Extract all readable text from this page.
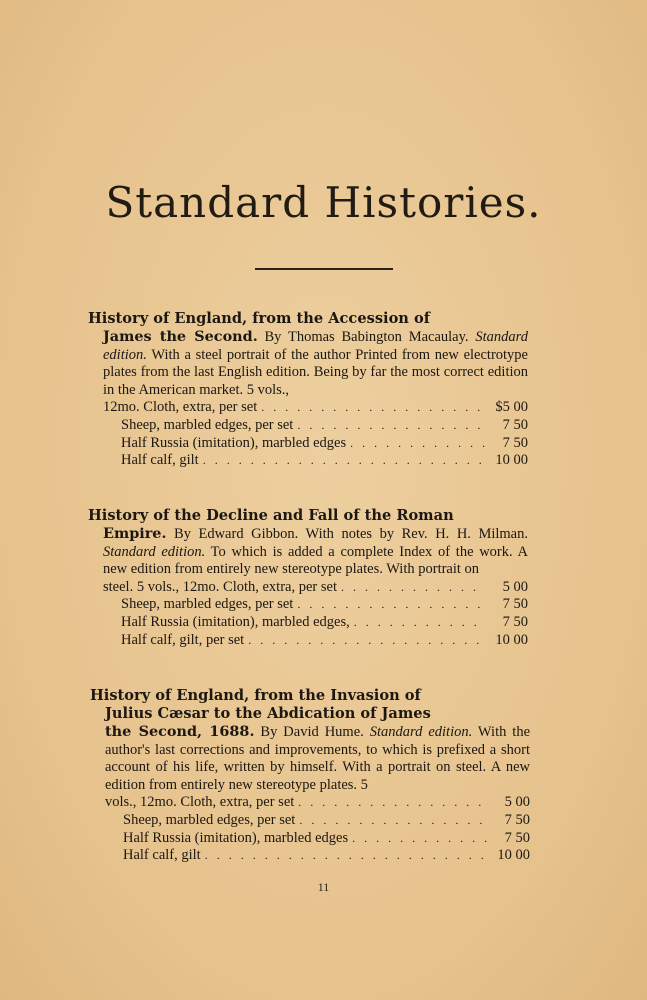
Standard Histories.

History of England, from the Accession of

James the Second. By Thomas Babington Macaulay. Standard edition. With a steel portrait of the author Printed from new electrotype plates from the last English edition. Being by far the most correct edition in the American market. 5 vols.,

12mo. Cloth, extra, per set . . .	$5 00
Sheep, marbled edges, per set . . .	7 50
Half Russia (imitation), marbled edges . . .	7 50
Half calf, gilt . . .	10 00

History of the Decline and Fall of the Roman

Empire. By Edward Gibbon. With notes by Rev. H. H. Milman. Standard edition. To which is added a complete Index of the work. A new edition from entirely new stereotype plates. With portrait on

steel. 5 vols., 12mo. Cloth, extra, per set . . .	5 00
Sheep, marbled edges, per set . . .	7 50
Half Russia (imitation), marbled edges, . . .	7 50
Half calf, gilt, per set . . .	10 00

History of England, from the Invasion of
Julius Cæsar to the Abdication of James

the Second, 1688. By David Hume. Standard edition. With the author's last corrections and improvements, to which is prefixed a short account of his life, written by himself. With a portrait on steel. A new edition from entirely new stereotype plates. 5

vols., 12mo. Cloth, extra, per set . . .	5 00
Sheep, marbled edges, per set . . .	7 50
Half Russia (imitation), marbled edges . . .	7 50
Half calf, gilt . . .	10 00
11
